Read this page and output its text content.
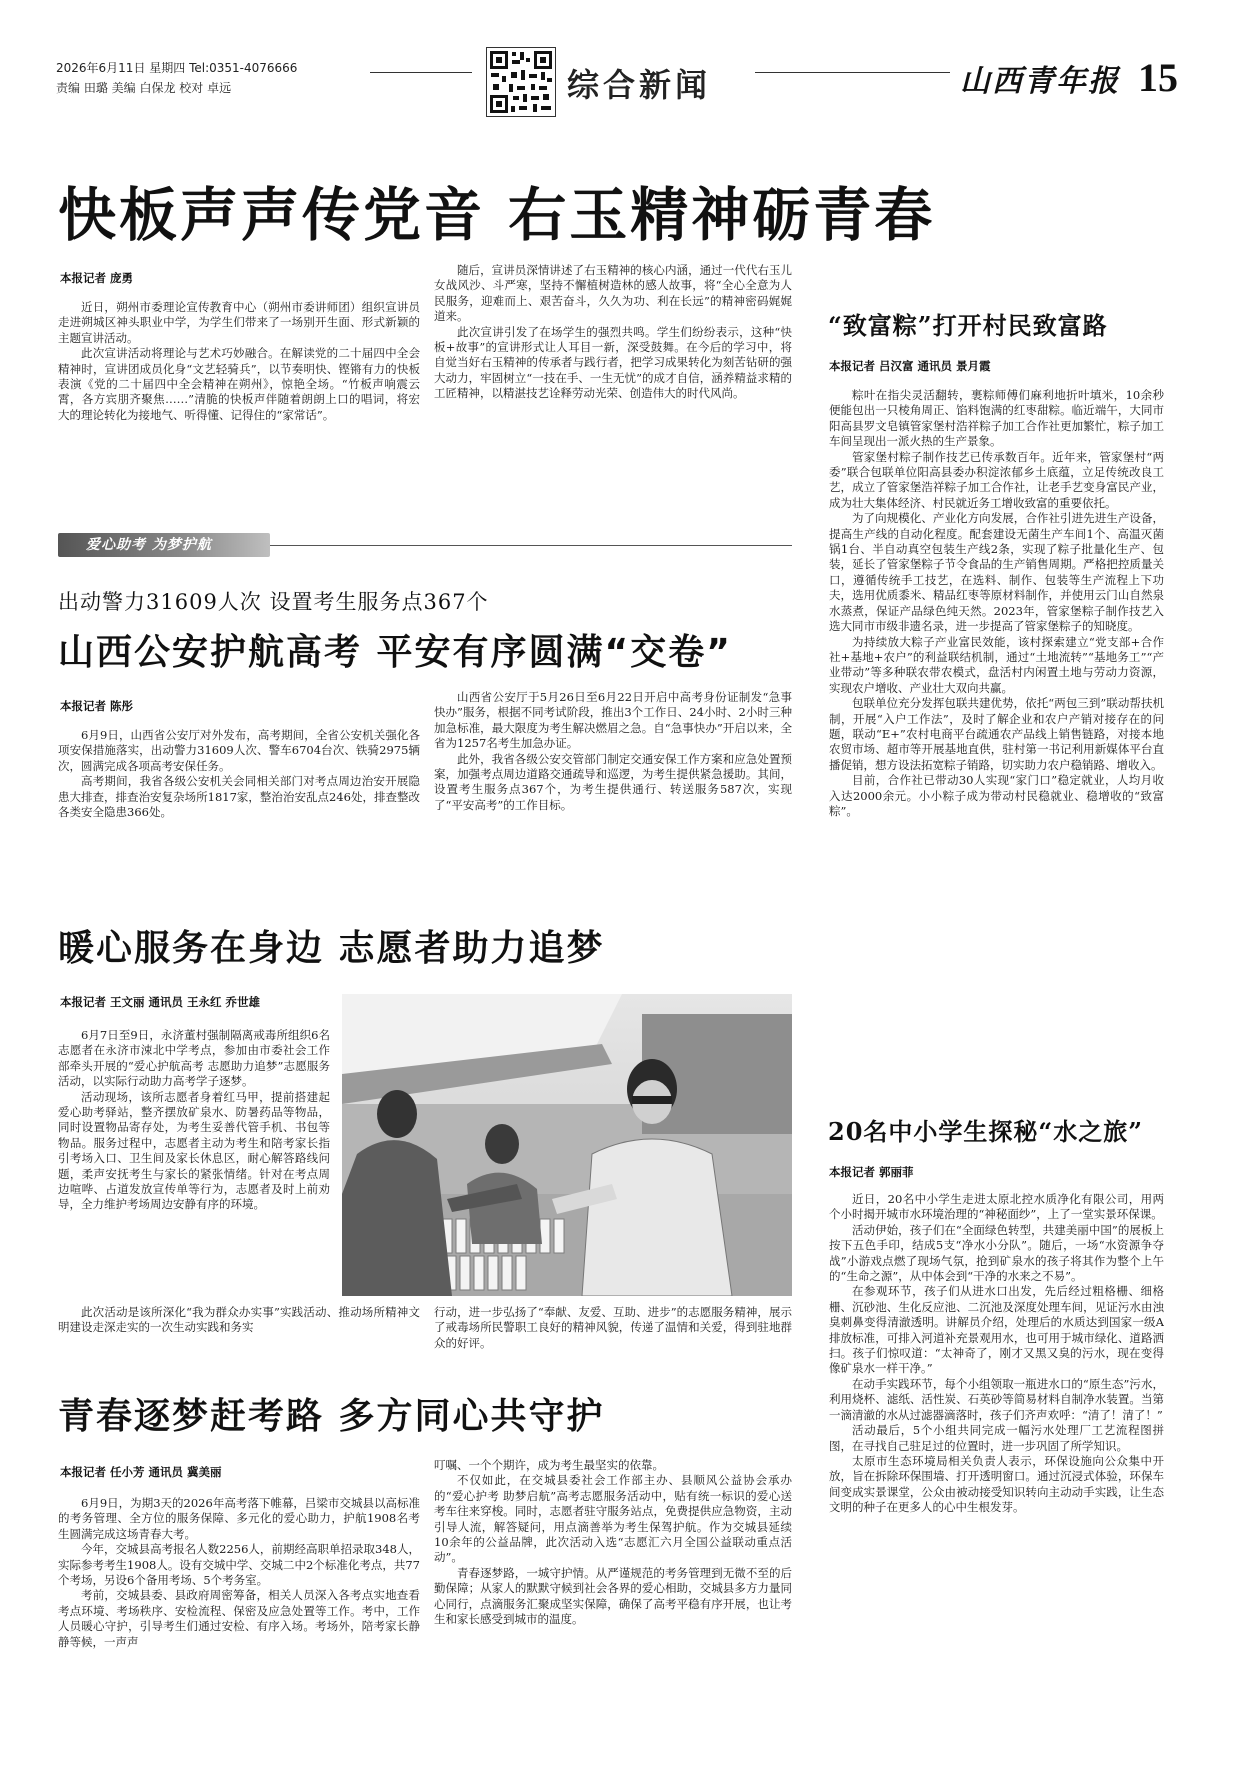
2026年6月11日 星期四 Tel:0351-4076666
责编 田璐 美编 白保龙 校对 卓远	综合新闻	山西青年报 15
快板声声传党音 右玉精神砺青春
本报记者 庞勇

近日，朔州市委理论宣传教育中心（朔州市委讲师团）组织宣讲员走进朔城区神头职业中学，为学生们带来了一场别开生面、形式新颖的主题宣讲活动。

此次宣讲活动将理论与艺术巧妙融合。在解读党的二十届四中全会精神时，宣讲团成员化身“文艺轻骑兵”，以节奏明快、铿锵有力的快板表演《党的二十届四中全会精神在朔州》，惊艳全场。“竹板声响震云霄，各方宾朋齐聚焦……”清脆的快板声伴随着朗朗上口的唱词，将宏大的理论转化为接地气、听得懂、记得住的“家常话”。

随后，宣讲员深情讲述了右玉精神的核心内涵，通过一代代右玉儿女战风沙、斗严寒，坚持不懈植树造林的感人故事，将“全心全意为人民服务，迎难而上、艰苦奋斗，久久为功、利在长远”的精神密码娓娓道来。

此次宣讲引发了在场学生的强烈共鸣。学生们纷纷表示，这种“快板+故事”的宣讲形式让人耳目一新，深受鼓舞。在今后的学习中，将自觉当好右玉精神的传承者与践行者，把学习成果转化为刻苦钻研的强大动力，牢固树立“一技在手、一生无忧”的成才自信，涵养精益求精的工匠精神，以精湛技艺诠释劳动光荣、创造伟大的时代风尚。

爱心助考 为梦护航
出动警力31609人次 设置考生服务点367个
山西公安护航高考 平安有序圆满“交卷”
本报记者 陈彤

6月9日，山西省公安厅对外发布，高考期间，全省公安机关强化各项安保措施落实，出动警力31609人次、警车6704台次、铁骑2975辆次，圆满完成各项高考安保任务。

高考期间，我省各级公安机关会同相关部门对考点周边治安开展隐患大排查，排查治安复杂场所1817家，整治治安乱点246处，排查整改各类安全隐患366处。

山西省公安厅于5月26日至6月22日开启中高考身份证制发“急事快办”服务，根据不同考试阶段，推出3个工作日、24小时、2小时三种加急标准，最大限度为考生解决燃眉之急。自“急事快办”开启以来，全省为1257名考生加急办证。

此外，我省各级公安交管部门制定交通安保工作方案和应急处置预案，加强考点周边道路交通疏导和巡逻，为考生提供紧急援助。其间，设置考生服务点367个，为考生提供通行、转送服务587次，实现了“平安高考”的工作目标。

暖心服务在身边 志愿者助力追梦
本报记者 王文丽 通讯员 王永红 乔世雄

6月7日至9日，永济董村强制隔离戒毒所组织6名志愿者在永济市涑北中学考点，参加由市委社会工作部牵头开展的“爱心护航高考 志愿助力追梦”志愿服务活动，以实际行动助力高考学子逐梦。

活动现场，该所志愿者身着红马甲，提前搭建起爱心助考驿站，整齐摆放矿泉水、防暑药品等物品，同时设置物品寄存处，为考生妥善代管手机、书包等物品。服务过程中，志愿者主动为考生和陪考家长指引考场入口、卫生间及家长休息区，耐心解答路线问题，柔声安抚考生与家长的紧张情绪。针对在考点周边喧哗、占道发放宣传单等行为，志愿者及时上前劝导，全力维护考场周边安静有序的环境。

此次活动是该所深化“我为群众办实事”实践活动、推动场所精神文明建设走深走实的一次生动实践和务实

行动，进一步弘扬了“奉献、友爱、互助、进步”的志愿服务精神，展示了戒毒场所民警职工良好的精神风貌，传递了温情和关爱，得到驻地群众的好评。

青春逐梦赶考路 多方同心共守护
本报记者 任小芳 通讯员 冀美丽

6月9日，为期3天的2026年高考落下帷幕，吕梁市交城县以高标准的考务管理、全方位的服务保障、多元化的爱心助力，护航1908名考生圆满完成这场青春大考。

今年，交城县高考报名人数2256人，前期经高职单招录取348人，实际参考考生1908人。设有交城中学、交城二中2个标准化考点，共77个考场，另设6个备用考场、5个考务室。

考前，交城县委、县政府周密筹备，相关人员深入各考点实地查看考点环境、考场秩序、安检流程、保密及应急处置等工作。考中，工作人员暖心守护，引导考生们通过安检、有序入场。考场外，陪考家长静静等候，一声声

叮嘱、一个个期许，成为考生最坚实的依靠。

不仅如此，在交城县委社会工作部主办、县顺风公益协会承办的“爱心护考 助梦启航”高考志愿服务活动中，贴有统一标识的爱心送考车往来穿梭。同时，志愿者驻守服务站点，免费提供应急物资，主动引导人流，解答疑问，用点滴善举为考生保驾护航。作为交城县延续10余年的公益品牌，此次活动入选“志愿汇六月全国公益联动重点活动”。

青春逐梦路，一城守护情。从严谨规范的考务管理到无微不至的后勤保障；从家人的默默守候到社会各界的爱心相助，交城县多方力量同心同行，点滴服务汇聚成坚实保障，确保了高考平稳有序开展，也让考生和家长感受到城市的温度。

“致富粽”打开村民致富路
本报记者 吕汉富 通讯员 景月霞

粽叶在指尖灵活翻转，裹粽师傅们麻利地折叶填米，10余秒便能包出一只棱角周正、馅料饱满的红枣甜粽。临近端午，大同市阳高县罗文皂镇管家堡村浩祥粽子加工合作社更加繁忙，粽子加工车间呈现出一派火热的生产景象。

管家堡村粽子制作技艺已传承数百年。近年来，管家堡村“两委”联合包联单位阳高县委办积淀浓郁乡土底蕴，立足传统改良工艺，成立了管家堡浩祥粽子加工合作社，让老手艺变身富民产业，成为壮大集体经济、村民就近务工增收致富的重要依托。

为了向规模化、产业化方向发展，合作社引进先进生产设备，提高生产线的自动化程度。配套建设无菌生产车间1个、高温灭菌锅1台、半自动真空包装生产线2条，实现了粽子批量化生产、包装，延长了管家堡粽子节令食品的生产销售周期。严格把控质量关口，遵循传统手工技艺，在选料、制作、包装等生产流程上下功夫，选用优质黍米、精品红枣等原材料制作，并使用云门山自然泉水蒸煮，保证产品绿色纯天然。2023年，管家堡粽子制作技艺入选大同市市级非遗名录，进一步提高了管家堡粽子的知晓度。

为持续放大粽子产业富民效能，该村探索建立“党支部+合作社+基地+农户”的利益联结机制，通过“土地流转”“基地务工”“产业带动”等多种联农带农模式，盘活村内闲置土地与劳动力资源，实现农户增收、产业壮大双向共赢。

包联单位充分发挥包联共建优势，依托“两包三到”联动帮扶机制，开展“入户工作法”，及时了解企业和农户产销对接存在的问题，联动“E+”农村电商平台疏通农产品线上销售链路，对接本地农贸市场、超市等开展基地直供，驻村第一书记利用新媒体平台直播促销，想方设法拓宽粽子销路，切实助力农户稳销路、增收入。

目前，合作社已带动30人实现“家门口”稳定就业，人均月收入达2000余元。小小粽子成为带动村民稳就业、稳增收的“致富粽”。

20名中小学生探秘“水之旅”
本报记者 郭丽菲

近日，20名中小学生走进太原北控水质净化有限公司，用两个小时揭开城市水环境治理的“神秘面纱”，上了一堂实景环保课。

活动伊始，孩子们在“全面绿色转型，共建美丽中国”的展板上按下五色手印，结成5支“净水小分队”。随后，一场“水资源争夺战”小游戏点燃了现场气氛，抢到矿泉水的孩子将其作为整个上午的“生命之源”，从中体会到“干净的水来之不易”。

在参观环节，孩子们从进水口出发，先后经过粗格栅、细格栅、沉砂池、生化反应池、二沉池及深度处理车间，见证污水由浊臭刺鼻变得清澈透明。讲解员介绍，处理后的水质达到国家一级A排放标准，可排入河道补充景观用水，也可用于城市绿化、道路洒扫。孩子们惊叹道：“太神奇了，刚才又黑又臭的污水，现在变得像矿泉水一样干净。”

在动手实践环节，每个小组领取一瓶进水口的“原生态”污水，利用烧杯、滤纸、活性炭、石英砂等简易材料自制净水装置。当第一滴清澈的水从过滤器滴落时，孩子们齐声欢呼：“清了！清了！”

活动最后，5个小组共同完成一幅污水处理厂工艺流程图拼图，在寻找自己驻足过的位置时，进一步巩固了所学知识。

太原市生态环境局相关负责人表示，环保设施向公众集中开放，旨在拆除环保围墙、打开透明窗口。通过沉浸式体验，环保车间变成实景课堂，公众由被动接受知识转向主动动手实践，让生态文明的种子在更多人的心中生根发芽。
